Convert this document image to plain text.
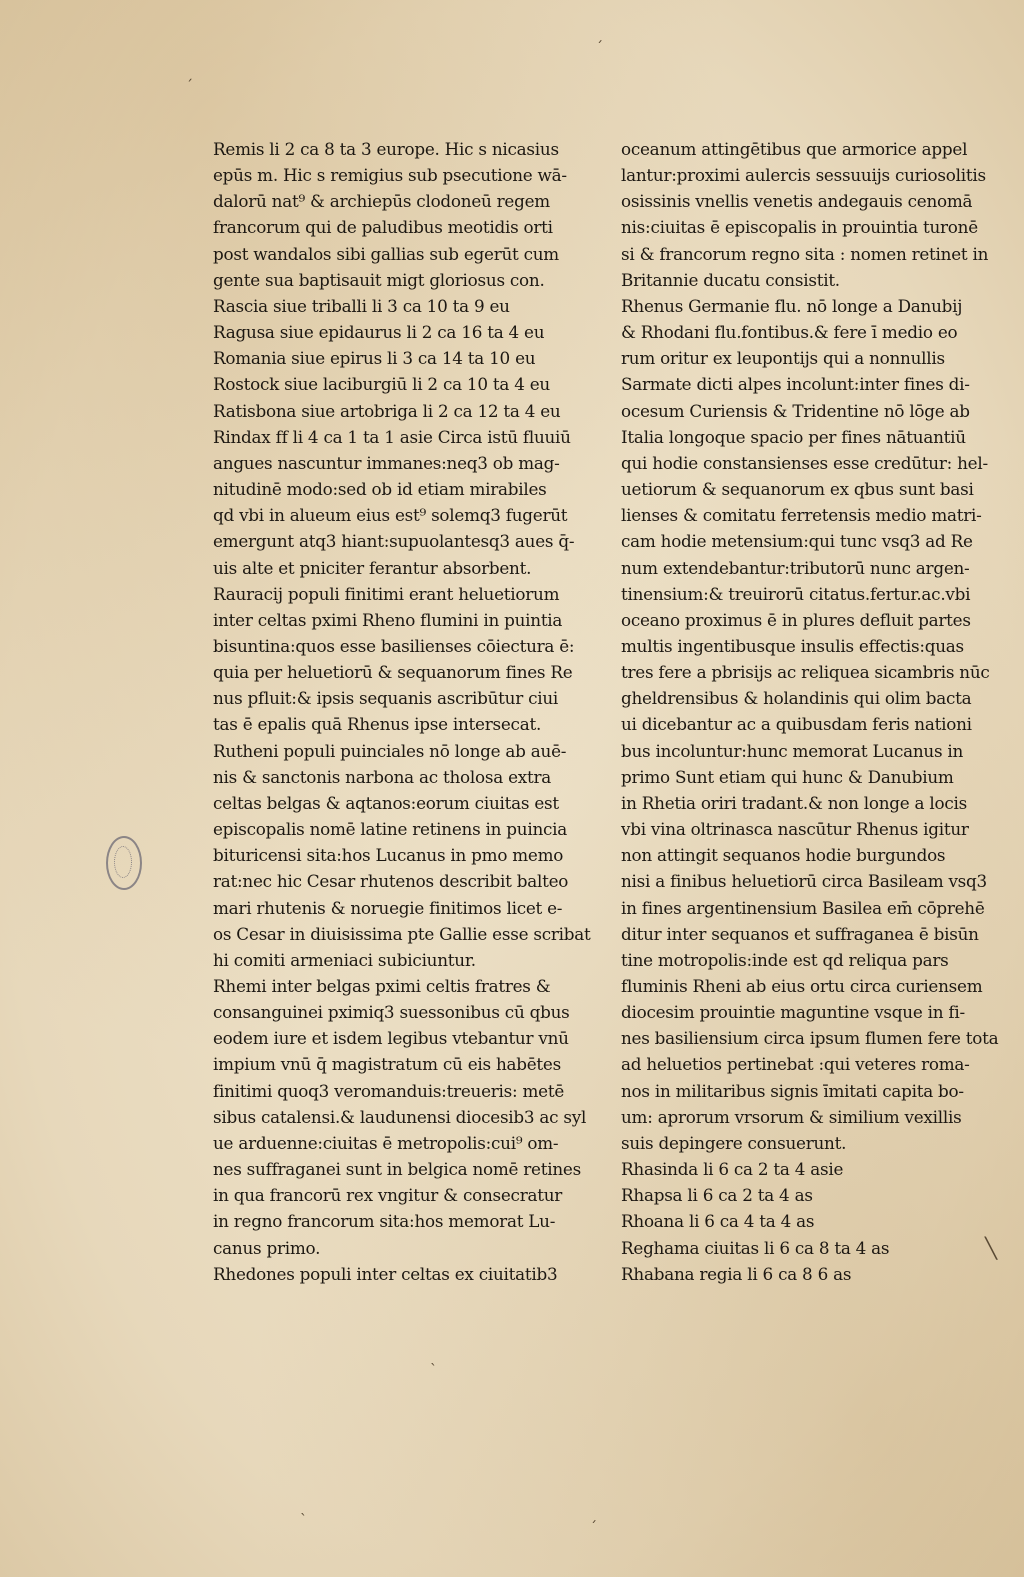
ˏ
ˊ
ˎ
╲
ˎ
ˊ
Remis li 2 ca 8 ta 3 europe. Hic s nicasius
epūs m. Hic s remigius sub psecutione wā-
dalorū nat⁹ & archiepūs clodoneū regem
francorum qui de paludibus meotidis orti
post wandalos sibi gallias sub egerūt cum
gente sua baptisauit migt gloriosus con.
Rascia siue triballi li 3 ca 10 ta 9 eu
Ragusa siue epidaurus li 2 ca 16 ta 4 eu
Romania siue epirus li 3 ca 14 ta 10 eu
Rostock siue laciburgiū li 2 ca 10 ta 4 eu
Ratisbona siue artobriga li 2 ca 12 ta 4 eu
Rindax ff li 4 ca 1 ta 1 asie Circa istū fluuiū
angues nascuntur immanes:neq3 ob mag-
nitudinē modo:sed ob id etiam mirabiles
qd vbi in alueum eius est⁹ solemq3 fugerūt
emergunt atq3 hiant:supuolantesq3 aues q̄-
uis alte et pniciter ferantur absorbent.
Rauracij populi finitimi erant heluetiorum
inter celtas pximi Rheno flumini in puintia
bisuntina:quos esse basilienses cōiectura ē:
quia per heluetiorū & sequanorum fines Re
nus pfluit:& ipsis sequanis ascribūtur ciui
tas ē epalis quā Rhenus ipse intersecat.
Rutheni populi puinciales nō longe ab auē-
nis & sanctonis narbona ac tholosa extra
celtas belgas & aqtanos:eorum ciuitas est
episcopalis nomē latine retinens in puincia
bituricensi sita:hos Lucanus in pmo memo
rat:nec hic Cesar rhutenos describit balteo
mari rhutenis & noruegie finitimos licet e-
os Cesar in diuisissima pte Gallie esse scribat
hi comiti armeniaci subiciuntur.
Rhemi inter belgas pximi celtis fratres &
consanguinei pximiq3 suessonibus cū qbus
eodem iure et isdem legibus vtebantur vnū
impium vnū q̄ magistratum cū eis habētes
finitimi quoq3 veromanduis:treueris: metē
sibus catalensi.& laudunensi diocesib3 ac syl
ue arduenne:ciuitas ē metropolis:cui⁹ om-
nes suffraganei sunt in belgica nomē retines
in qua francorū rex vngitur & consecratur
in regno francorum sita:hos memorat Lu-
canus primo.
Rhedones populi inter celtas ex ciuitatib3
oceanum attingētibus que armorice appel
lantur:proximi aulercis sessuuijs curiosolitis
osissinis vnellis venetis andegauis cenomā
nis:ciuitas ē episcopalis in prouintia turonē
si & francorum regno sita : nomen retinet in
Britannie ducatu consistit.
Rhenus Germanie flu. nō longe a Danubij
& Rhodani flu.fontibus.& fere ī medio eo
rum oritur ex leupontijs qui a nonnullis
Sarmate dicti alpes incolunt:inter fines di-
ocesum Curiensis & Tridentine nō lōge ab
Italia longoque spacio per fines nātuantiū
qui hodie constansienses esse credūtur: hel-
uetiorum & sequanorum ex qbus sunt basi
lienses & comitatu ferretensis medio matri-
cam hodie metensium:qui tunc vsq3 ad Re
num extendebantur:tributorū nunc argen-
tinensium:& treuirorū citatus.fertur.ac.vbi
oceano proximus ē in plures defluit partes
multis ingentibusque insulis effectis:quas
tres fere a pbrisijs ac reliquea sicambris nūc
gheldrensibus & holandinis qui olim bacta
ui dicebantur ac a quibusdam feris nationi
bus incoluntur:hunc memorat Lucanus in
primo Sunt etiam qui hunc & Danubium
in Rhetia oriri tradant.& non longe a locis
vbi vina oltrinasca nascūtur Rhenus igitur
non attingit sequanos hodie burgundos
nisi a finibus heluetiorū circa Basileam vsq3
in fines argentinensium Basilea em̄ cōprehē
ditur inter sequanos et suffraganea ē bisūn
tine motropolis:inde est qd reliqua pars
fluminis Rheni ab eius ortu circa curiensem
diocesim prouintie maguntine vsque in fi-
nes basiliensium circa ipsum flumen fere tota
ad heluetios pertinebat :qui veteres roma-
nos in militaribus signis īmitati capita bo-
um: aprorum vrsorum & similium vexillis
suis depingere consuerunt.
Rhasinda li 6 ca 2 ta 4 asie
Rhapsa li 6 ca 2 ta 4 as
Rhoana li 6 ca 4 ta 4 as
Reghama ciuitas li 6 ca 8 ta 4 as
Rhabana regia li 6 ca 8 6 as
